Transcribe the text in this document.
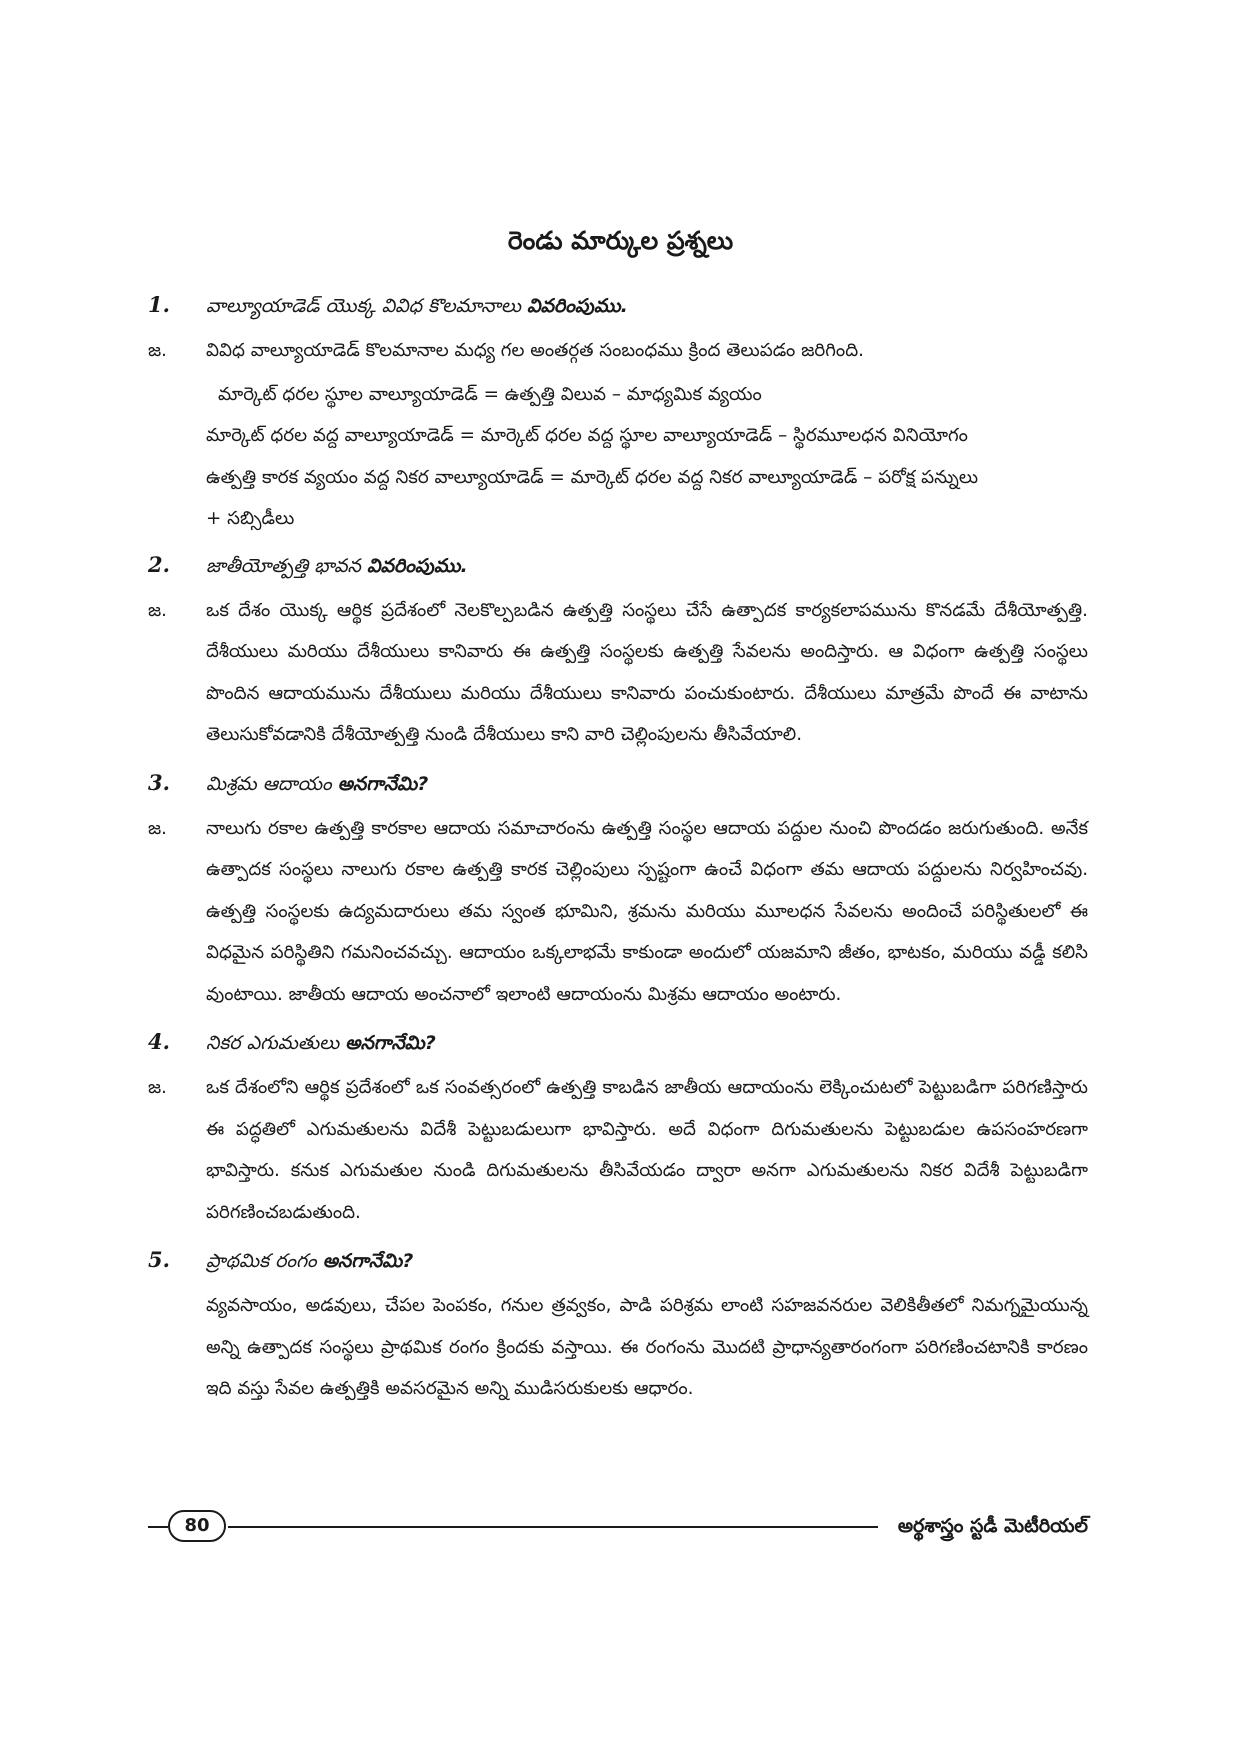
రెండు మార్కుల ప్రశ్నలు
1.	వాల్యూయాడెడ్ యొక్క వివిధ కొలమానాలు వివరింపుము.
జ. వివిధ వాల్యూయాడెడ్ కొలమానాల మధ్య గల అంతర్గత సంబంధము క్రింద తెలుపడం జరిగింది.

మార్కెట్ ధరల స్థూల వాల్యూయాడెడ్ = ఉత్పత్తి విలువ – మాధ్యమిక వ్యయం

మార్కెట్ ధరల వద్ద వాల్యూయాడెడ్ = మార్కెట్ ధరల వద్ద స్థూల వాల్యూయాడెడ్ – స్థిరమూలధన వినియోగం

ఉత్పత్తి కారక వ్యయం వద్ద నికర వాల్యూయాడెడ్ = మార్కెట్ ధరల వద్ద నికర వాల్యూయాడెడ్ – పరోక్ష పన్నులు

+ సబ్సిడీలు

2.	జాతీయోత్పత్తి భావన వివరింపుము.
జ. ఒక దేశం యొక్క ఆర్థిక ప్రదేశంలో నెలకొల్పబడిన ఉత్పత్తి సంస్థలు చేసే ఉత్పాదక కార్యకలాపమును కొనడమే దేశీయోత్పత్తి. దేశీయులు మరియు దేశీయులు కానివారు ఈ ఉత్పత్తి సంస్థలకు ఉత్పత్తి సేవలను అందిస్తారు. ఆ విధంగా ఉత్పత్తి సంస్థలు పొందిన ఆదాయమును దేశీయులు మరియు దేశీయులు కానివారు పంచుకుంటారు. దేశీయులు మాత్రమే పొందే ఈ వాటాను తెలుసుకోవడానికి దేశీయోత్పత్తి నుండి దేశీయులు కాని వారి చెల్లింపులను తీసివేయాలి.

3.	మిశ్రమ ఆదాయం అనగానేమి?
జ. నాలుగు రకాల ఉత్పత్తి కారకాల ఆదాయ సమాచారంను ఉత్పత్తి సంస్థల ఆదాయ పద్దుల నుంచి పొందడం జరుగుతుంది. అనేక ఉత్పాదక సంస్థలు నాలుగు రకాల ఉత్పత్తి కారక చెల్లింపులు స్పష్టంగా ఉంచే విధంగా తమ ఆదాయ పద్దులను నిర్వహించవు. ఉత్పత్తి సంస్థలకు ఉద్యమదారులు తమ స్వంత భూమిని, శ్రమను మరియు మూలధన సేవలను అందించే పరిస్థితులలో ఈ విధమైన పరిస్థితిని గమనించవచ్చు. ఆదాయం ఒక్కలాభమే కాకుండా అందులో యజమాని జీతం, భాటకం, మరియు వడ్డీ కలిసి వుంటాయి. జాతీయ ఆదాయ అంచనాలో ఇలాంటి ఆదాయంను మిశ్రమ ఆదాయం అంటారు.

4.	నికర ఎగుమతులు అనగానేమి?
జ. ఒక దేశంలోని ఆర్థిక ప్రదేశంలో ఒక సంవత్సరంలో ఉత్పత్తి కాబడిన జాతీయ ఆదాయంను లెక్కించుటలో పెట్టుబడిగా పరిగణిస్తారు ఈ పద్ధతిలో ఎగుమతులను విదేశీ పెట్టుబడులుగా భావిస్తారు. అదే విధంగా దిగుమతులను పెట్టుబడుల ఉపసంహరణగా భావిస్తారు. కనుక ఎగుమతుల నుండి దిగుమతులను తీసివేయడం ద్వారా అనగా ఎగుమతులను నికర విదేశీ పెట్టుబడిగా పరిగణించబడుతుంది.

5.	ప్రాథమిక రంగం అనగానేమి?

వ్యవసాయం, అడవులు, చేపల పెంపకం, గనుల త్రవ్వకం, పాడి పరిశ్రమ లాంటి సహజవనరుల వెలికితీతలో నిమగ్నమైయున్న అన్ని ఉత్పాదక సంస్థలు ప్రాథమిక రంగం క్రిందకు వస్తాయి. ఈ రంగంను మొదటి ప్రాధాన్యతారంగంగా పరిగణించటానికి కారణం ఇది వస్తు సేవల ఉత్పత్తికి అవసరమైన అన్ని ముడిసరుకులకు ఆధారం.

80	అర్థశాస్త్రం స్టడీ మెటీరియల్
